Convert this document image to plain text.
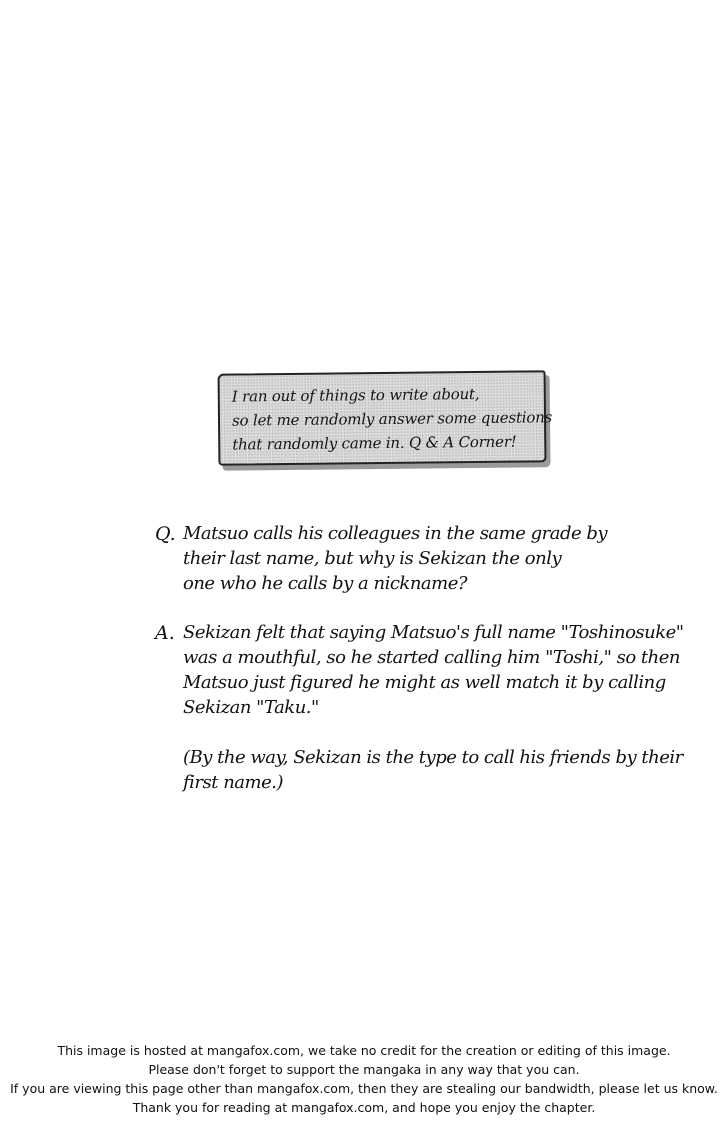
I ran out of things to write about,
so let me randomly answer some questions
that randomly came in. Q & A Corner!
Q. Matsuo calls his colleagues in the same grade by
their last name, but why is Sekizan the only
one who he calls by a nickname?
A. Sekizan felt that saying Matsuo's full name "Toshinosuke"
was a mouthful, so he started calling him "Toshi," so then
Matsuo just figured he might as well match it by calling
Sekizan "Taku."
(By the way, Sekizan is the type to call his friends by their
first name.)
This image is hosted at mangafox.com, we take no credit for the creation or editing of this image.
Please don't forget to support the mangaka in any way that you can.
If you are viewing this page other than mangafox.com, then they are stealing our bandwidth, please let us know.
Thank you for reading at mangafox.com, and hope you enjoy the chapter.
